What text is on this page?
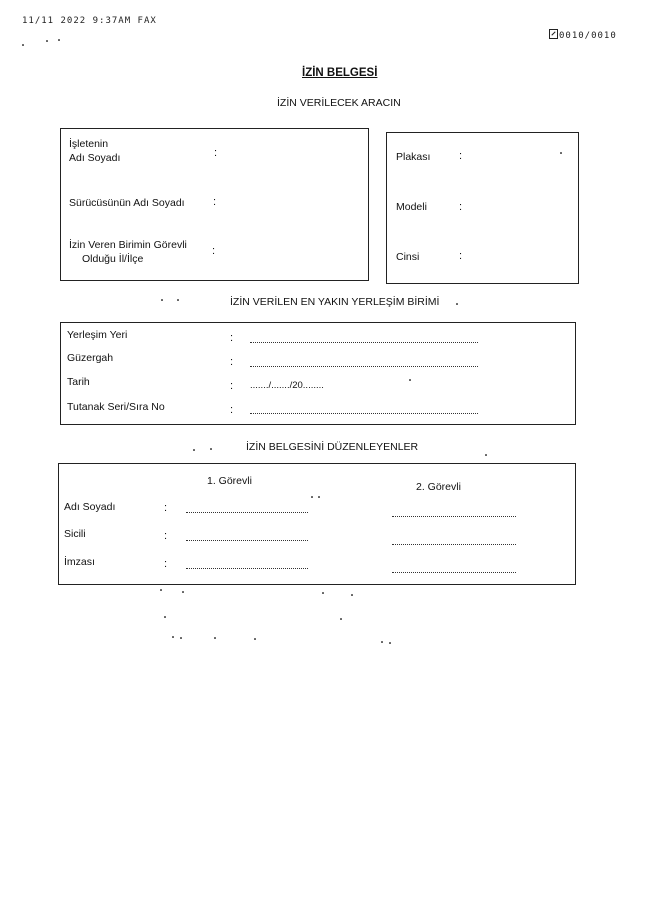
11/11 2022 9:37AM FAX
0010/0010
İZİN BELGESİ
İZİN VERİLECEK ARACIN
İşletenin
Adı Soyadı	:
Sürücüsünün Adı Soyadı	:
İzin Veren Birimin Görevli
Olduğu İl/İlçe
:
Plakası	:
Modeli	:
Cinsi	:
İZİN VERİLEN EN YAKIN YERLEŞİM BİRİMİ
Yerleşim Yeri	:
Güzergah	:
Tarih	: ......./......./20........
Tutanak Seri/Sıra No	:
İZİN BELGESİNİ DÜZENLEYENLER
1. Görevli	2. Görevli
Adı Soyadı	:
Sicili	:
İmzası	:
